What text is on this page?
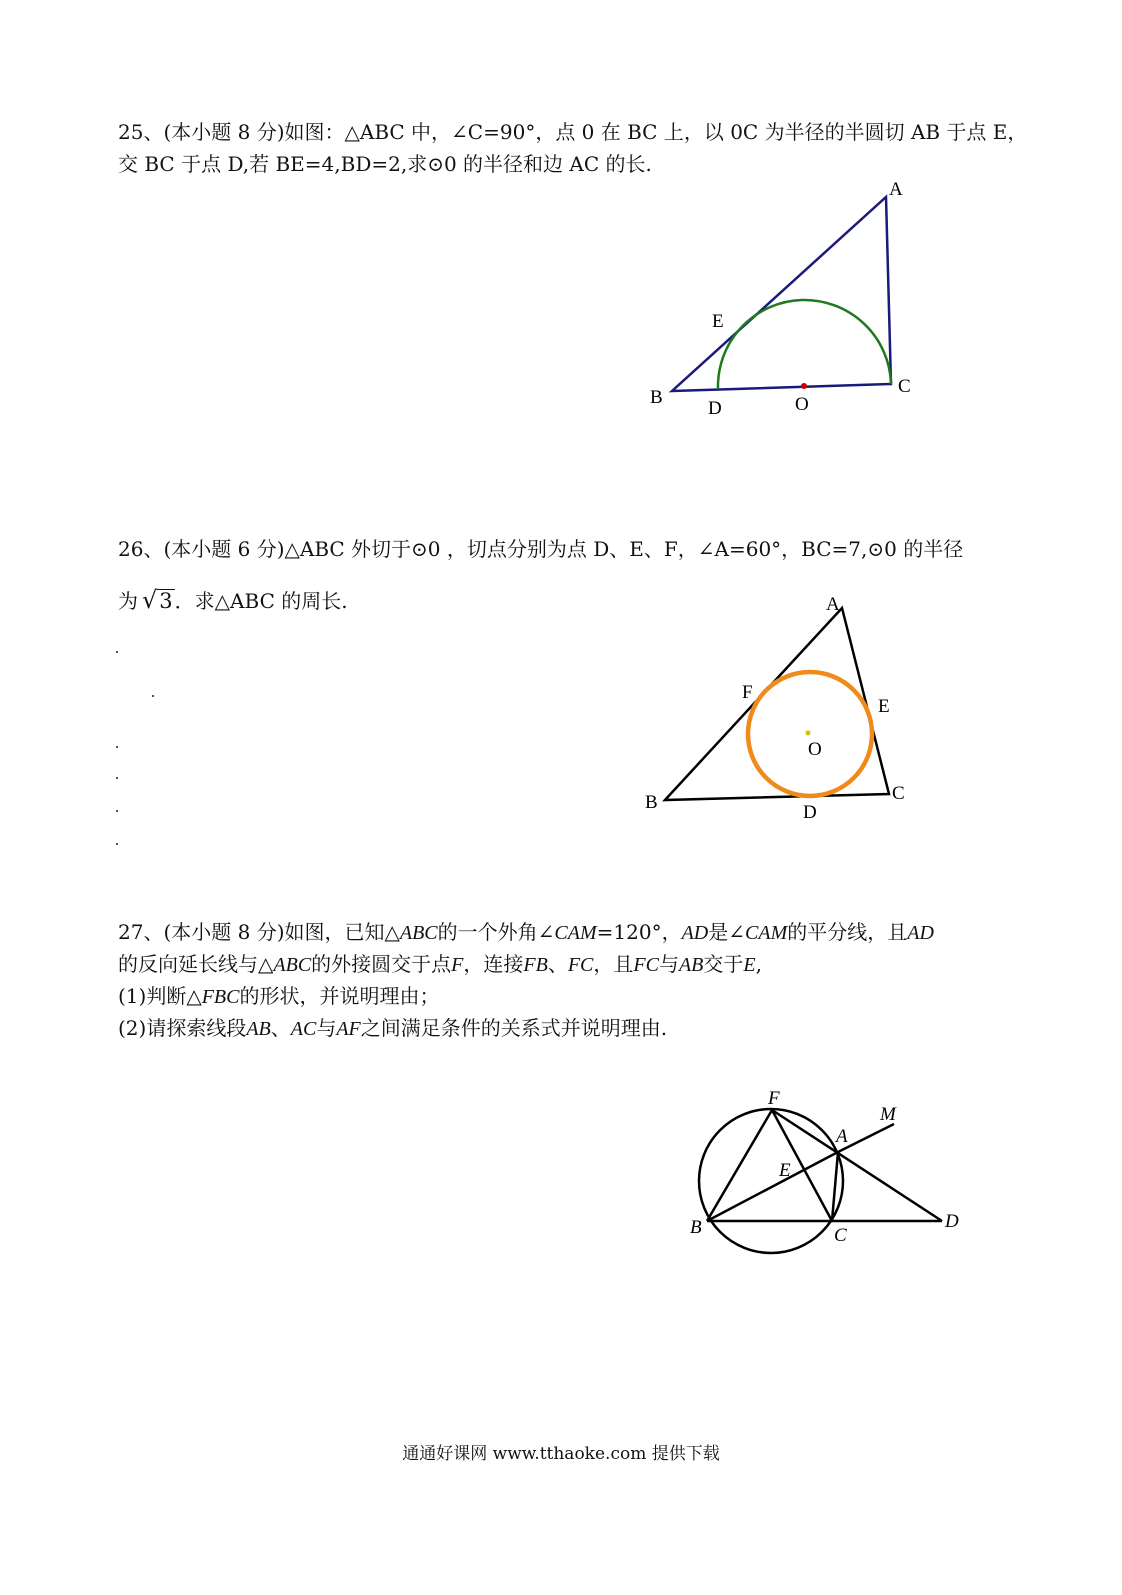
25、(本小题 8 分)如图：△ABC 中，∠C=90°，点 0 在 BC 上，以 0C 为半径的半圆切 AB 于点 E，
交 BC 于点 D,若 BE=4,BD=2,求⊙0 的半径和边 AC 的长.
A
E
B
D	O
C
26、(本小题 6 分)△ABC 外切于⊙0 ，切点分别为点 D、E、F，∠A=60°，BC=7,⊙0 的半径
为 √3 ．求△ABC 的周长.	A
F
E
O
B	C
D
27、(本小题 8 分)如图，已知△ABC的一个外角∠CAM=120°，AD是∠CAM的平分线，且AD
的反向延长线与△ABC的外接圆交于点F，连接FB、FC，且FC与AB交于E,
(1)判断△FBC的形状，并说明理由；
(2)请探索线段AB、AC与AF之间满足条件的关系式并说明理由.
F
M
A
E
B	C
D
通通好课网 www.tthaoke.com 提供下载
